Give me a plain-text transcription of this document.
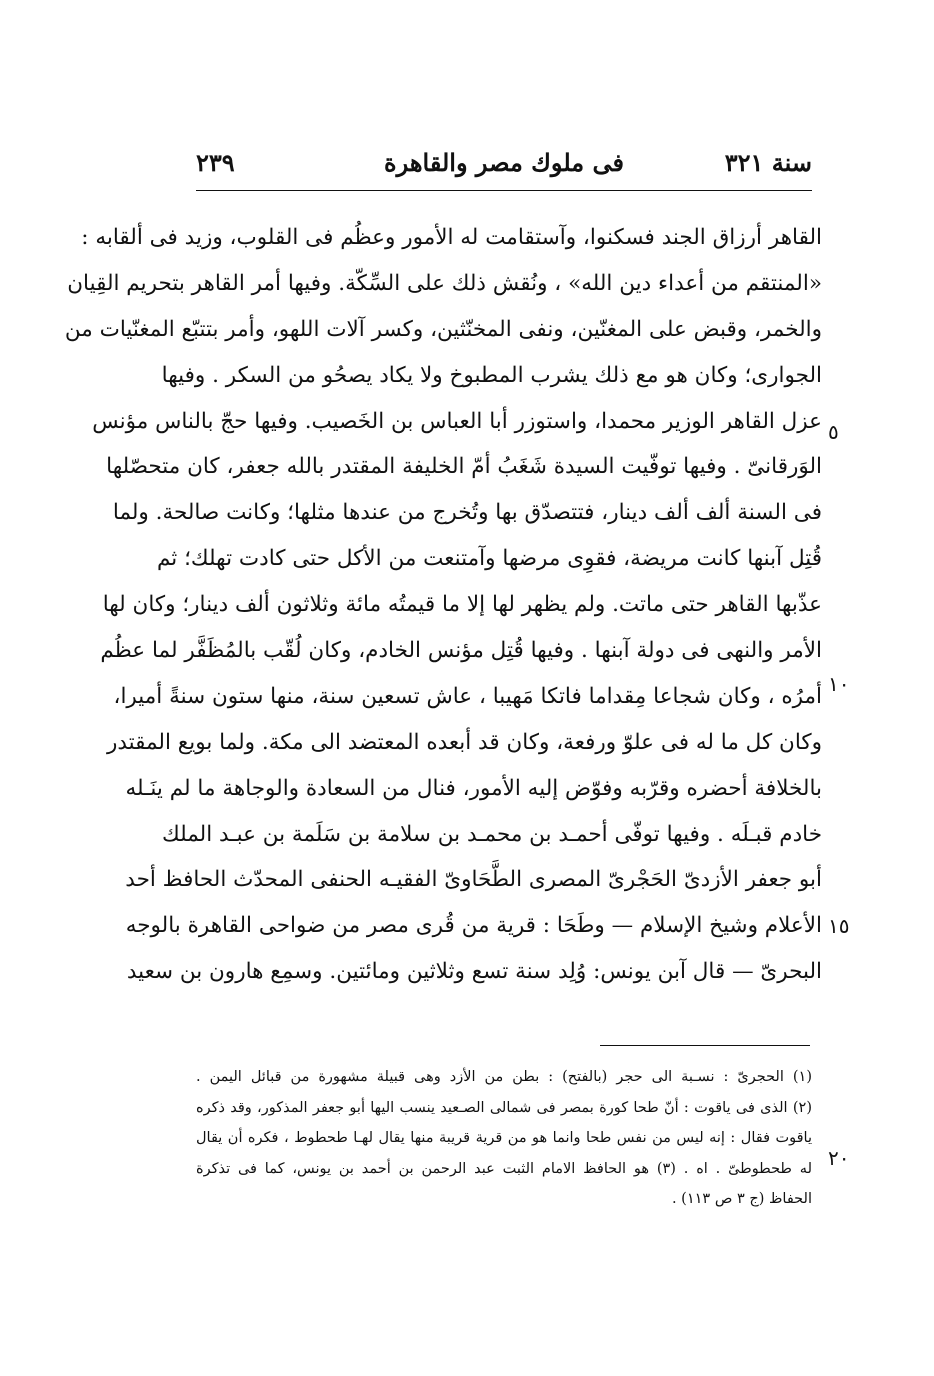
سنة ٣٢١
فى ملوك مصر والقاهرة
٢٣٩
القاهر أرزاق الجند فسكنوا، وآستقامت له الأمور وعظُم فى القلوب، وزيد فى ألقابه :
«المنتقم من أعداء دين الله» ، ونُقش ذلك على السِّكّة. وفيها أمر القاهر بتحريم القِيان
والخمر، وقبض على المغنّين، ونفى المخنّثين، وكسر آلات اللهو، وأمر بتتبّع المغنّيات من
الجوارى؛ وكان هو مع ذلك يشرب المطبوخ ولا يكاد يصحُو من السكر . وفيها
عزل القاهر الوزير محمدا، واستوزر أبا العباس بن الخَصيب. وفيها حجّ بالناس مؤنس
الوَرقانىّ . وفيها توفّيت السيدة شَغَبُ أمّ الخليفة المقتدر بالله جعفر، كان متحصّلها
فى السنة ألف ألف دينار، فتتصدّق بها وتُخرج من عندها مثلها؛ وكانت صالحة. ولما
قُتِل آبنها كانت مريضة، فقوِى مرضها وآمتنعت من الأكل حتى كادت تهلك؛ ثم
عذّبها القاهر حتى ماتت. ولم يظهر لها إلا ما قيمتُه مائة وثلاثون ألف دينار؛ وكان لها
الأمر والنهى فى دولة آبنها . وفيها قُتِل مؤنس الخادم، وكان لُقّب بالمُظَفَّر لما عظُم
أمرُه ، وكان شجاعا مِقداما فاتكا مَهيبا ، عاش تسعين سنة، منها ستون سنةً أميرا،
وكان كل ما له فى علوّ ورفعة، وكان قد أبعده المعتضد الى مكة. ولما بويع المقتدر
بالخلافة أحضره وقرّبه وفوّض إليه الأمور، فنال من السعادة والوجاهة ما لم ينَـله
خادم قبـلَه . وفيها توفّى أحمـد بن محمـد بن سلامة بن سَلَمة بن عبـد الملك
أبو جعفر الأزدىّ الحَجْرىّ المصرى الطَّحَاوىّ الفقيـه الحنفى المحدّث الحافظ أحد
الأعلام وشيخ الإسلام — وطَحَا : قرية من قُرى مصر من ضواحى القاهرة بالوجه
البحرىّ — قال آبن يونس: وُلِد سنة تسع وثلاثين ومائتين. وسمِع هارون بن سعيد
٥
١٠
١٥
٢٠
(١) الحجرىّ : نسـبة الى حجر (بالفتح) : بطن من الأزد وهى قبيلة مشهورة من قبائل اليمن .
(٢) الذى فى ياقوت : أنّ طحا كورة بمصر فى شمالى الصـعيد ينسب اليها أبو جعفر المذكور، وقد ذكره
ياقوت فقال : إنه ليس من نفس طحا وانما هو من قرية قريبة منها يقال لهـا طحطوط ، فكره أن يقال
له طحطوطىّ . اه . (٣) هو الحافظ الامام الثبت عبد الرحمن بن أحمد بن يونس، كما فى تذكرة
الحفاظ (ج ٣ ص ١١٣) .
